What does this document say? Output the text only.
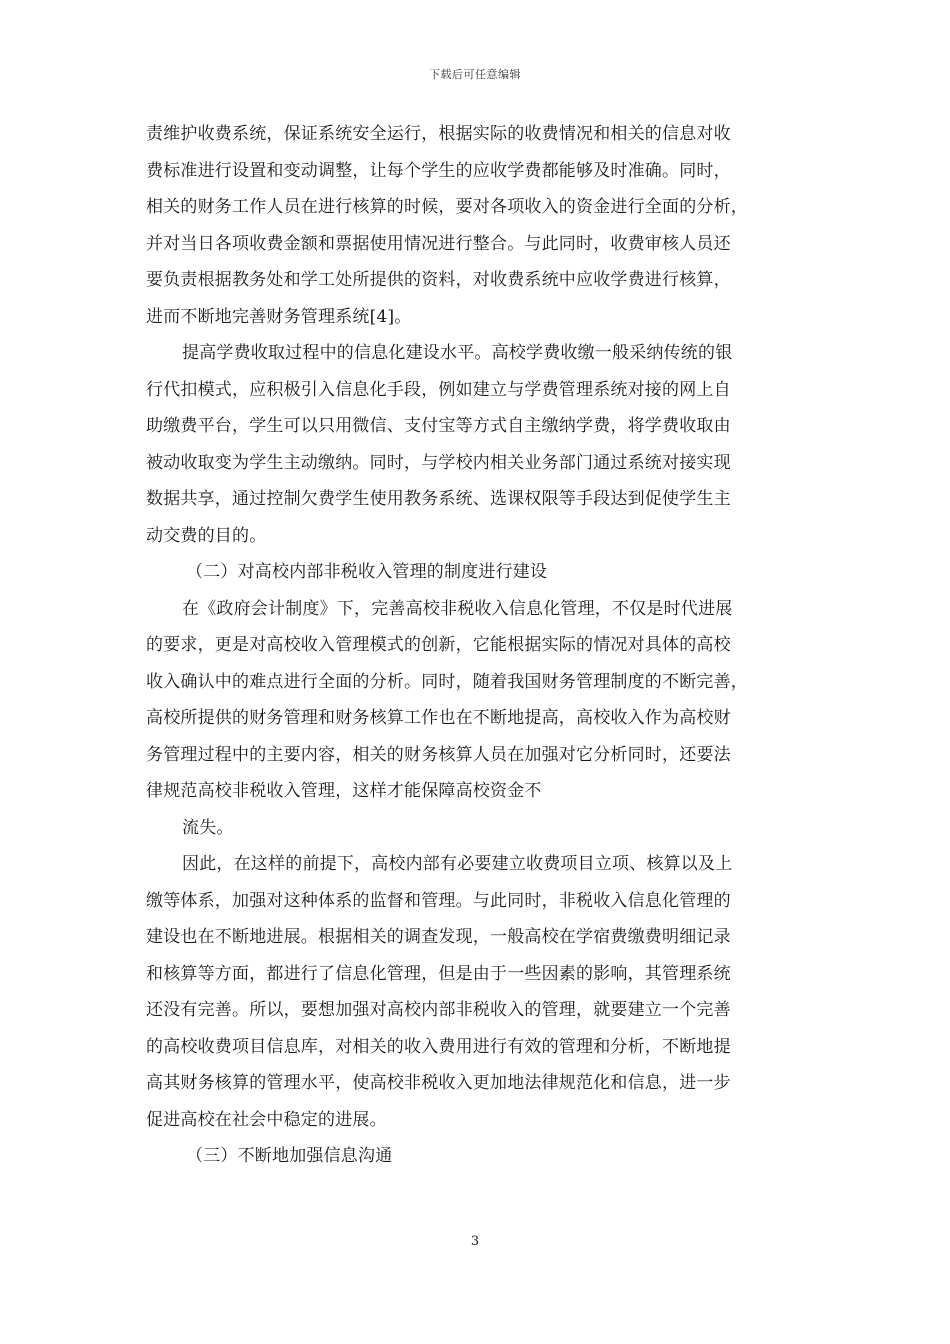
下载后可任意编辑
责维护收费系统，保证系统安全运行，根据实际的收费情况和相关的信息对收
费标准进行设置和变动调整，让每个学生的应收学费都能够及时准确。同时，
相关的财务工作人员在进行核算的时候，要对各项收入的资金进行全面的分析，
并对当日各项收费金额和票据使用情况进行整合。与此同时，收费审核人员还
要负责根据教务处和学工处所提供的资料，对收费系统中应收学费进行核算，
进而不断地完善财务管理系统[4]。
提高学费收取过程中的信息化建设水平。高校学费收缴一般采纳传统的银
行代扣模式，应积极引入信息化手段，例如建立与学费管理系统对接的网上自
助缴费平台，学生可以只用微信、支付宝等方式自主缴纳学费，将学费收取由
被动收取变为学生主动缴纳。同时，与学校内相关业务部门通过系统对接实现
数据共享，通过控制欠费学生使用教务系统、选课权限等手段达到促使学生主
动交费的目的。
（二）对高校内部非税收入管理的制度进行建设
在《政府会计制度》下，完善高校非税收入信息化管理，不仅是时代进展
的要求，更是对高校收入管理模式的创新，它能根据实际的情况对具体的高校
收入确认中的难点进行全面的分析。同时，随着我国财务管理制度的不断完善，
高校所提供的财务管理和财务核算工作也在不断地提高，高校收入作为高校财
务管理过程中的主要内容，相关的财务核算人员在加强对它分析同时，还要法
律规范高校非税收入管理，这样才能保障高校资金不
流失。
因此，在这样的前提下，高校内部有必要建立收费项目立项、核算以及上
缴等体系，加强对这种体系的监督和管理。与此同时，非税收入信息化管理的
建设也在不断地进展。根据相关的调查发现，一般高校在学宿费缴费明细记录
和核算等方面，都进行了信息化管理，但是由于一些因素的影响，其管理系统
还没有完善。所以，要想加强对高校内部非税收入的管理，就要建立一个完善
的高校收费项目信息库，对相关的收入费用进行有效的管理和分析，不断地提
高其财务核算的管理水平，使高校非税收入更加地法律规范化和信息，进一步
促进高校在社会中稳定的进展。
（三）不断地加强信息沟通
3
